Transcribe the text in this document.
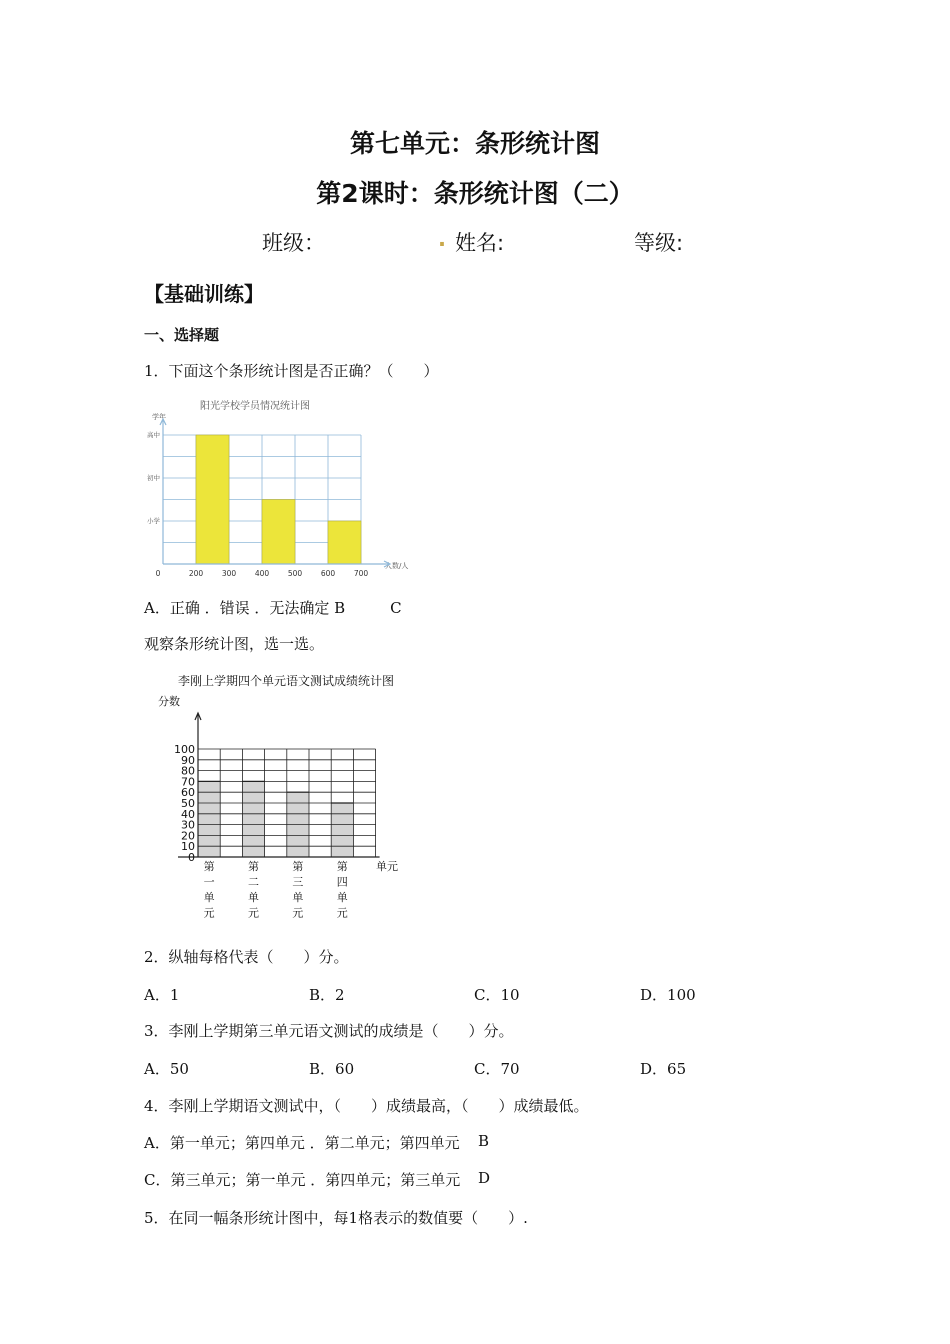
第七单元：条形统计图
第2课时：条形统计图（二）
班级：	. 姓名:	等级:
【基础训练】
一、选择题
1．下面这个条形统计图是否正确？（　　）
阳光学校学员情况统计图
学年
人数/人
0	200 300 400 500 600 700
高中
初中
小学
A．正确 ．错误 ．无法确定 B　　　C
观察条形统计图，选一选。
李刚上学期四个单元语文测试成绩统计图
分数
单元
0
10
20
30
40
50
60
70
80
90
100
第
一
单
元
第
二
单
元
第
三
单
元
第
四
单
元
2．纵轴每格代表（　　）分。
A．1	B．2	C．10	D．100
3．李刚上学期第三单元语文测试的成绩是（　　）分。
A．50	B．60	C．70	D．65
4．李刚上学期语文测试中，（　　）成绩最高，（　　）成绩最低。
A．第一单元；第四单元 ．第二单元；第四单元 B
C．第三单元；第一单元 ．第四单元；第三单元 D
5．在同一幅条形统计图中，每1格表示的数值要（　　）.
